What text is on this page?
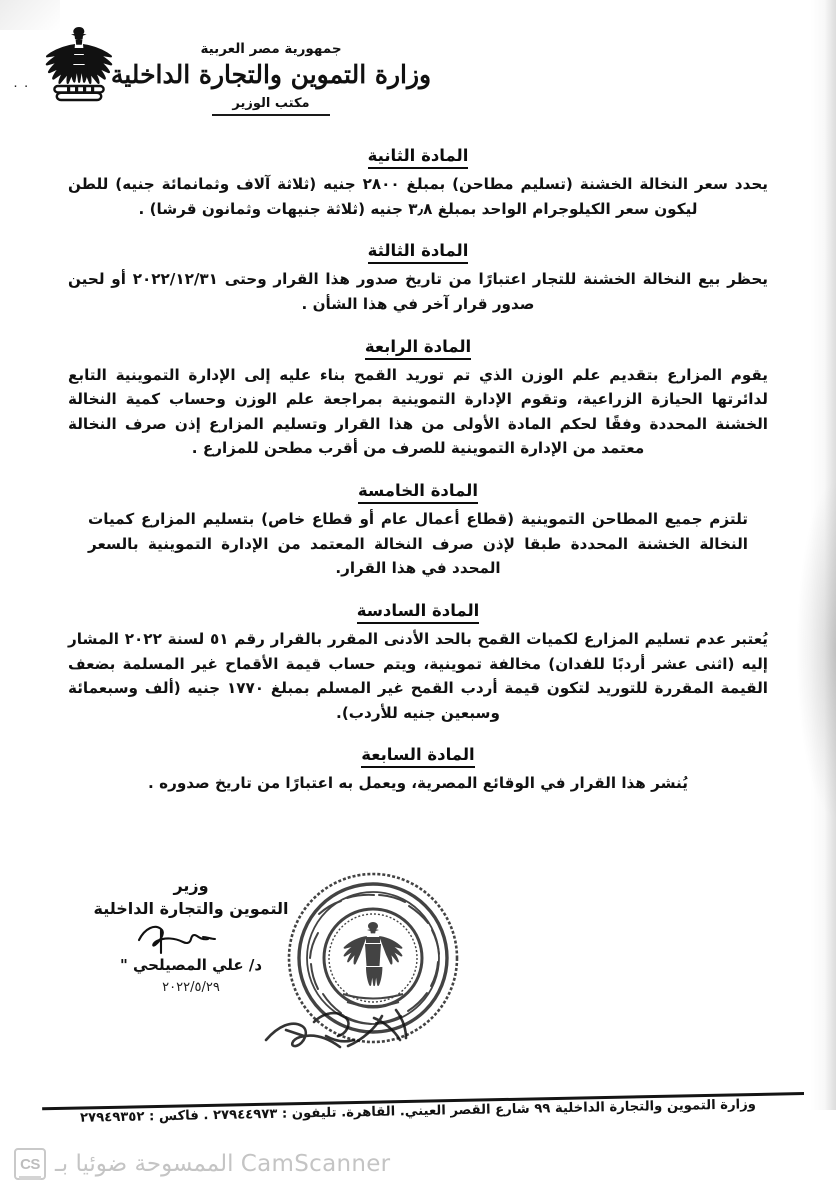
٠ ٠

جمهورية مصر العربية

وزارة التموين والتجارة الداخلية

مكتب الوزير

المادة الثانية
يحدد سعر النخالة الخشنة (تسليم مطاحن) بمبلغ ٢٨٠٠ جنيه (ثلاثة آلاف وثمانمائة جنيه) للطن ليكون سعر الكيلوجرام الواحد بمبلغ ٣٫٨ جنيه (ثلاثة جنيهات وثمانون قرشا) .
المادة الثالثة
يحظر بيع النخالة الخشنة للتجار اعتبارًا من تاريخ صدور هذا القرار وحتى ٢٠٢٢/١٢/٣١ أو لحين صدور قرار آخر في هذا الشأن .
المادة الرابعة
يقوم المزارع بتقديم علم الوزن الذي تم توريد القمح بناء عليه إلى الإدارة التموينية التابع لدائرتها الحيازة الزراعية، وتقوم الإدارة التموينية بمراجعة علم الوزن وحساب كمية النخالة الخشنة المحددة وفقًا لحكم المادة الأولى من هذا القرار وتسليم المزارع إذن صرف النخالة معتمد من الإدارة التموينية للصرف من أقرب مطحن للمزارع .
المادة الخامسة
تلتزم جميع المطاحن التموينية (قطاع أعمال عام أو قطاع خاص) بتسليم المزارع كميات النخالة الخشنة المحددة طبقا لإذن صرف النخالة المعتمد من الإدارة التموينية بالسعر المحدد في هذا القرار.
المادة السادسة
يُعتبر عدم تسليم المزارع لكميات القمح بالحد الأدنى المقرر بالقرار رقم ٥١ لسنة ٢٠٢٢ المشار إليه (اثنى عشر أردبًا للفدان) مخالفة تموينية، ويتم حساب قيمة الأقماح غير المسلمة بضعف القيمة المقررة للتوريد لتكون قيمة أردب القمح غير المسلم بمبلغ ١٧٧٠ جنيه (ألف وسبعمائة وسبعين جنيه للأردب).
المادة السابعة
يُنشر هذا القرار في الوقائع المصرية، ويعمل به اعتبارًا من تاريخ صدوره .

وزير

التموين والتجارة الداخلية

د/ علي المصيلحي "

٢٠٢٢/٥/٢٩

وزارة التموين والتجارة الداخلية ٩٩ شارع القصر العيني. القاهرة. تليفون : ٢٧٩٤٤٩٧٣ . فاكس : ٢٧٩٤٩٣٥٢
CS الممسوحة ضوئيا بـ CamScanner
